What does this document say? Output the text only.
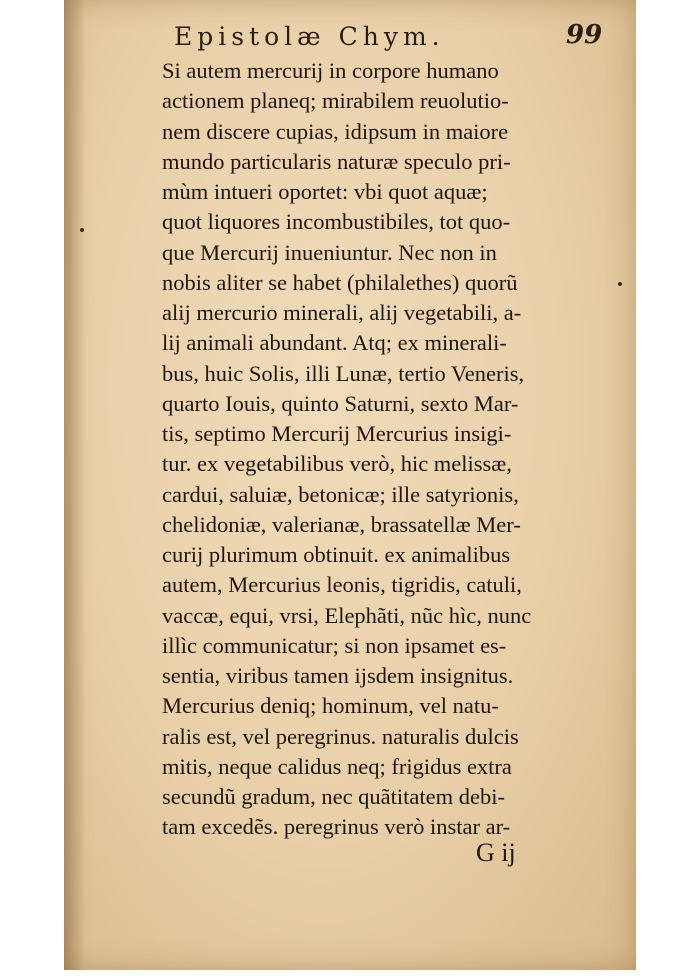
Epistolæ Chym.	99
Si autem mercurij in corpore humano
actionem planeq; mirabilem reuolutio-
nem discere cupias, idipsum in maiore
mundo particularis naturæ speculo pri-
mùm intueri oportet: vbi quot aquæ;
quot liquores incombustibiles, tot quo-
que Mercurij inueniuntur. Nec non in
nobis aliter se habet (philalethes) quorũ
alij mercurio minerali, alij vegetabili, a-
lij animali abundant. Atq; ex minerali-
bus, huic Solis, illi Lunæ, tertio Veneris,
quarto Iouis, quinto Saturni, sexto Mar-
tis, septimo Mercurij Mercurius insigi-
tur. ex vegetabilibus verò, hic melissæ,
cardui, saluiæ, betonicæ; ille satyrionis,
chelidoniæ, valerianæ, brassatellæ Mer-
curij plurimum obtinuit. ex animalibus
autem, Mercurius leonis, tigridis, catuli,
vaccæ, equi, vrsi, Elephãti, nũc hìc, nunc
illìc communicatur; si non ipsamet es-
sentia, viribus tamen ijsdem insignitus.
Mercurius deniq; hominum, vel natu-
ralis est, vel peregrinus. naturalis dulcis
mitis, neque calidus neq; frigidus extra
secundũ gradum, nec quãtitatem debi-
tam excedẽs. peregrinus verò instar ar-
G ij
